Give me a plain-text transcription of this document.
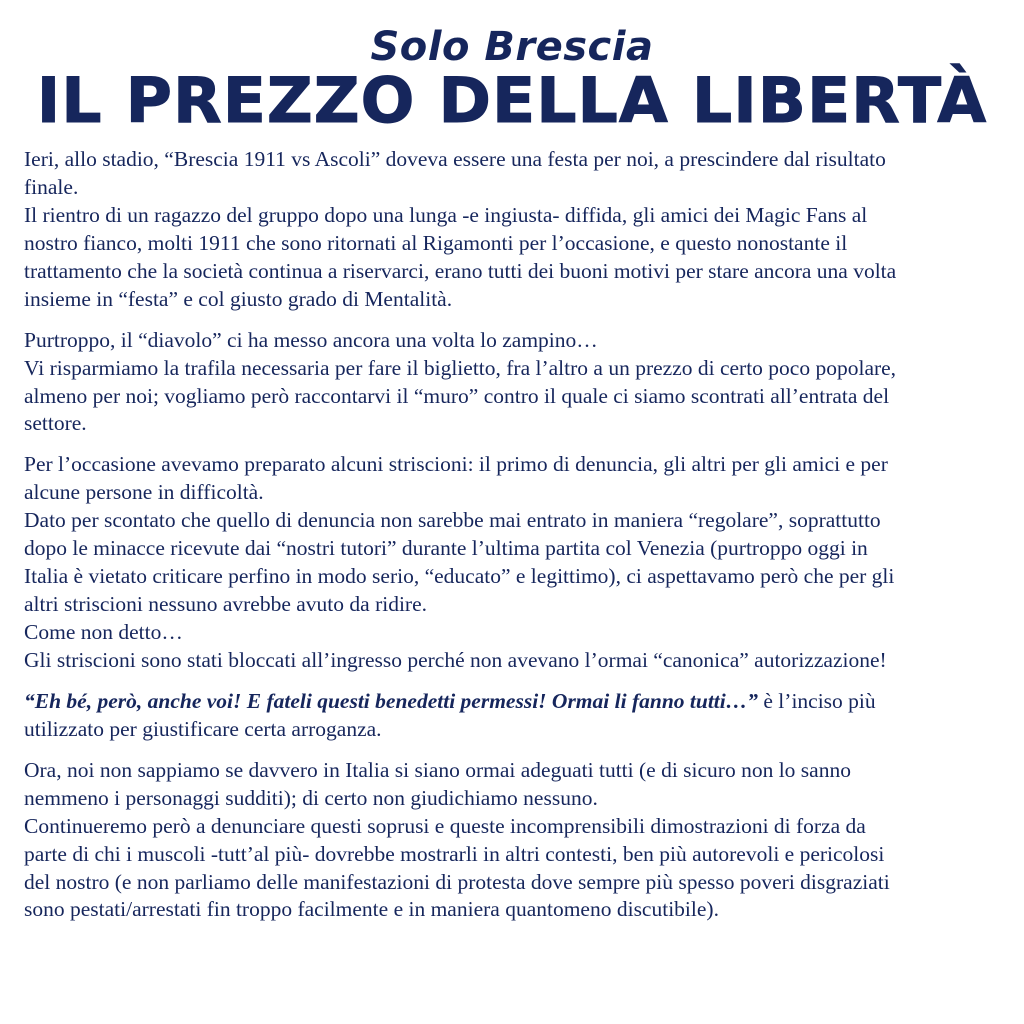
Solo Brescia
IL PREZZO DELLA LIBERTÀ

Ieri, allo stadio, “Brescia 1911 vs Ascoli” doveva essere una festa per noi, a prescindere dal risultato
finale.
Il rientro di un ragazzo del gruppo dopo una lunga -e ingiusta- diffida, gli amici dei Magic Fans al
nostro fianco, molti 1911 che sono ritornati al Rigamonti per l’occasione, e questo nonostante il
trattamento che la società continua a riservarci, erano tutti dei buoni motivi per stare ancora una volta
insieme in “festa” e col giusto grado di Mentalità.

Purtroppo, il “diavolo” ci ha messo ancora una volta lo zampino…
Vi risparmiamo la trafila necessaria per fare il biglietto, fra l’altro a un prezzo di certo poco popolare,
almeno per noi; vogliamo però raccontarvi il “muro” contro il quale ci siamo scontrati all’entrata del
settore.

Per l’occasione avevamo preparato alcuni striscioni: il primo di denuncia, gli altri per gli amici e per
alcune persone in difficoltà.
Dato per scontato che quello di denuncia non sarebbe mai entrato in maniera “regolare”, soprattutto
dopo le minacce ricevute dai “nostri tutori” durante l’ultima partita col Venezia (purtroppo oggi in
Italia è vietato criticare perfino in modo serio, “educato” e legittimo), ci aspettavamo però che per gli
altri striscioni nessuno avrebbe avuto da ridire.
Come non detto…
Gli striscioni sono stati bloccati all’ingresso perché non avevano l’ormai “canonica” autorizzazione!

“Eh bé, però, anche voi! E fateli questi benedetti permessi! Ormai li fanno tutti…” è l’inciso più
utilizzato per giustificare certa arroganza.

Ora, noi non sappiamo se davvero in Italia si siano ormai adeguati tutti (e di sicuro non lo sanno
nemmeno i personaggi sudditi); di certo non giudichiamo nessuno.
Continueremo però a denunciare questi soprusi e queste incomprensibili dimostrazioni di forza da
parte di chi i muscoli -tutt’al più- dovrebbe mostrarli in altri contesti, ben più autorevoli e pericolosi
del nostro (e non parliamo delle manifestazioni di protesta dove sempre più spesso poveri disgraziati
sono pestati/arrestati fin troppo facilmente e in maniera quantomeno discutibile).
